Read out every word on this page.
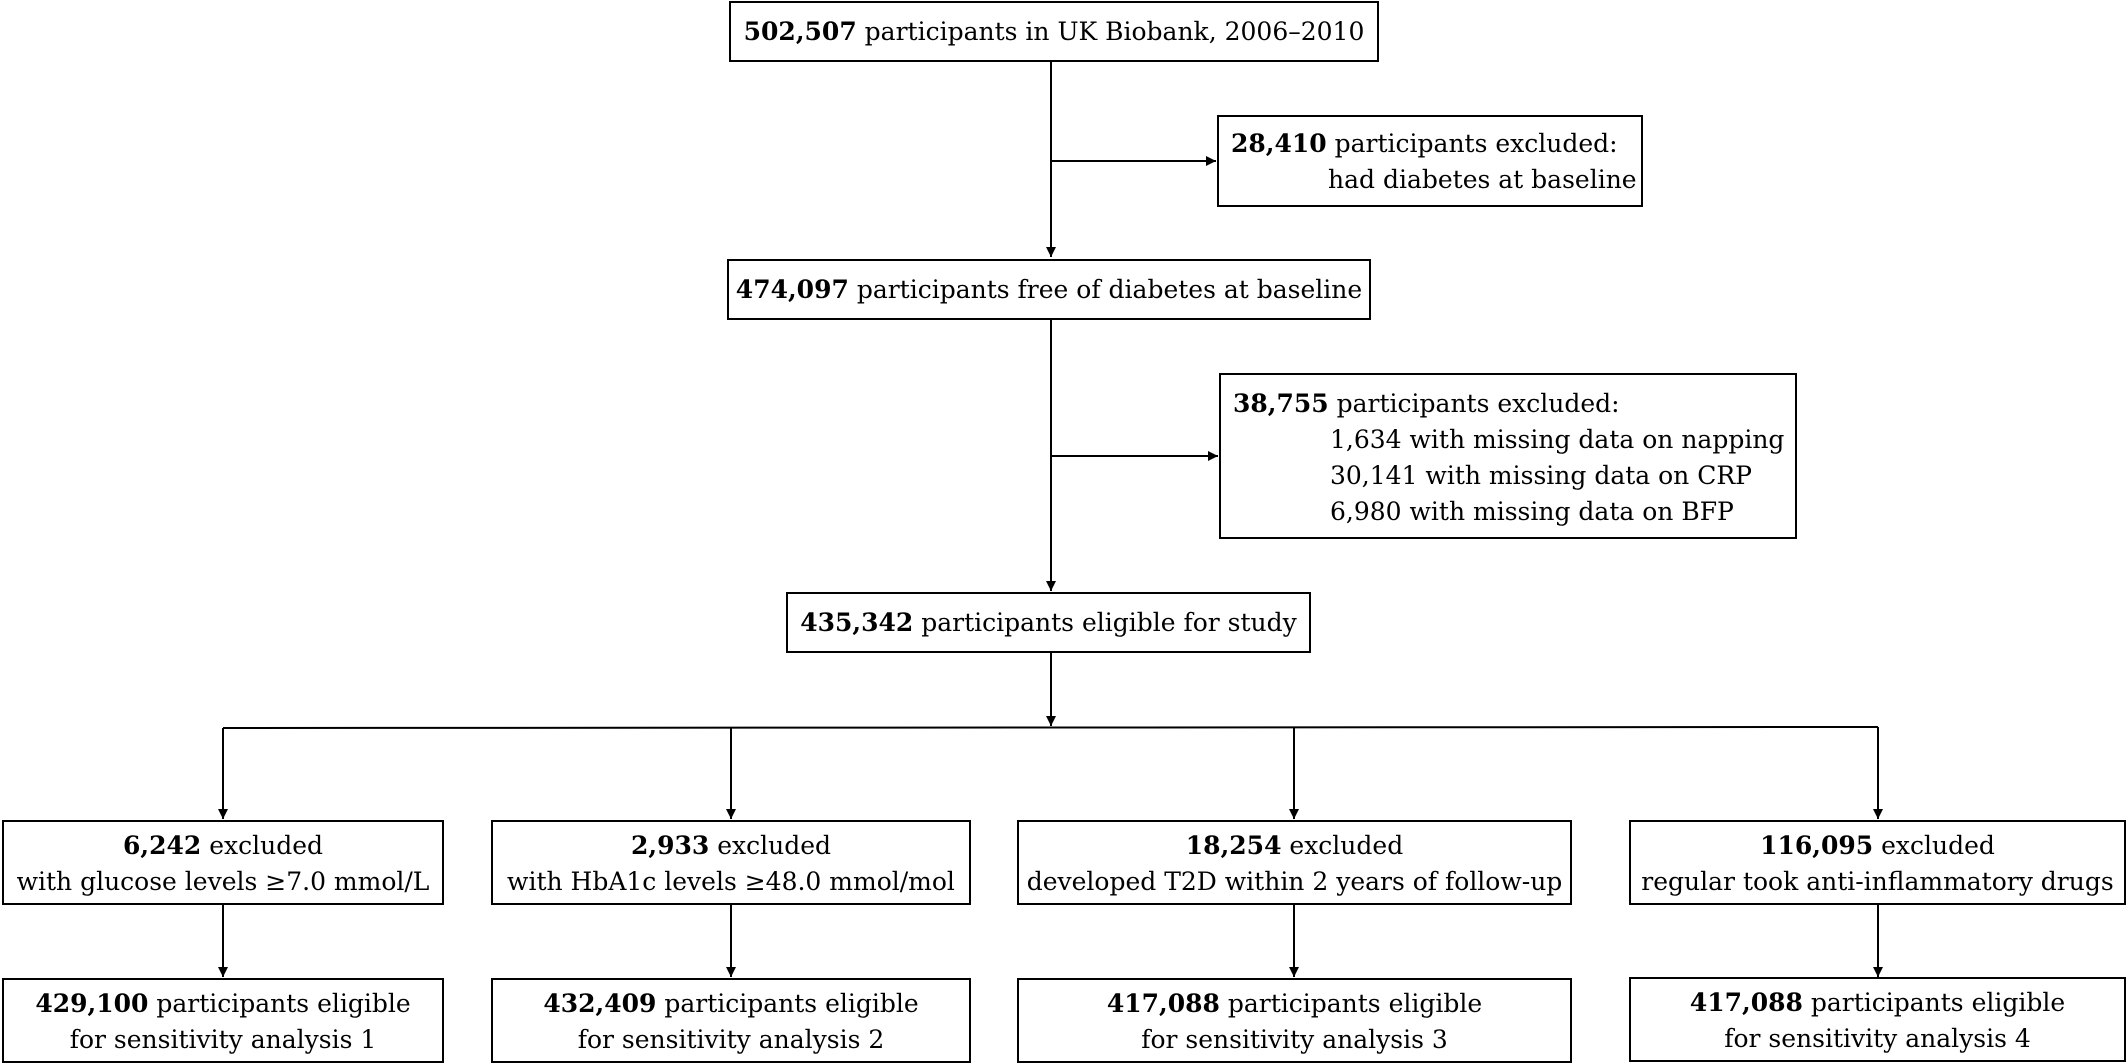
502,507 participants in UK Biobank, 2006–2010
28,410 participants excluded:
had diabetes at baseline
474,097 participants free of diabetes at baseline
38,755 participants excluded:
1,634 with missing data on napping
30,141 with missing data on CRP
6,980 with missing data on BFP
435,342 participants eligible for study
6,242 excluded
with glucose levels ≥7.0 mmol/L
2,933 excluded
with HbA1c levels ≥48.0 mmol/mol
18,254 excluded
developed T2D within 2 years of follow-up
116,095 excluded
regular took anti-inflammatory drugs
429,100 participants eligible
for sensitivity analysis 1
432,409 participants eligible
for sensitivity analysis 2
417,088 participants eligible
for sensitivity analysis 3
417,088 participants eligible
for sensitivity analysis 4
